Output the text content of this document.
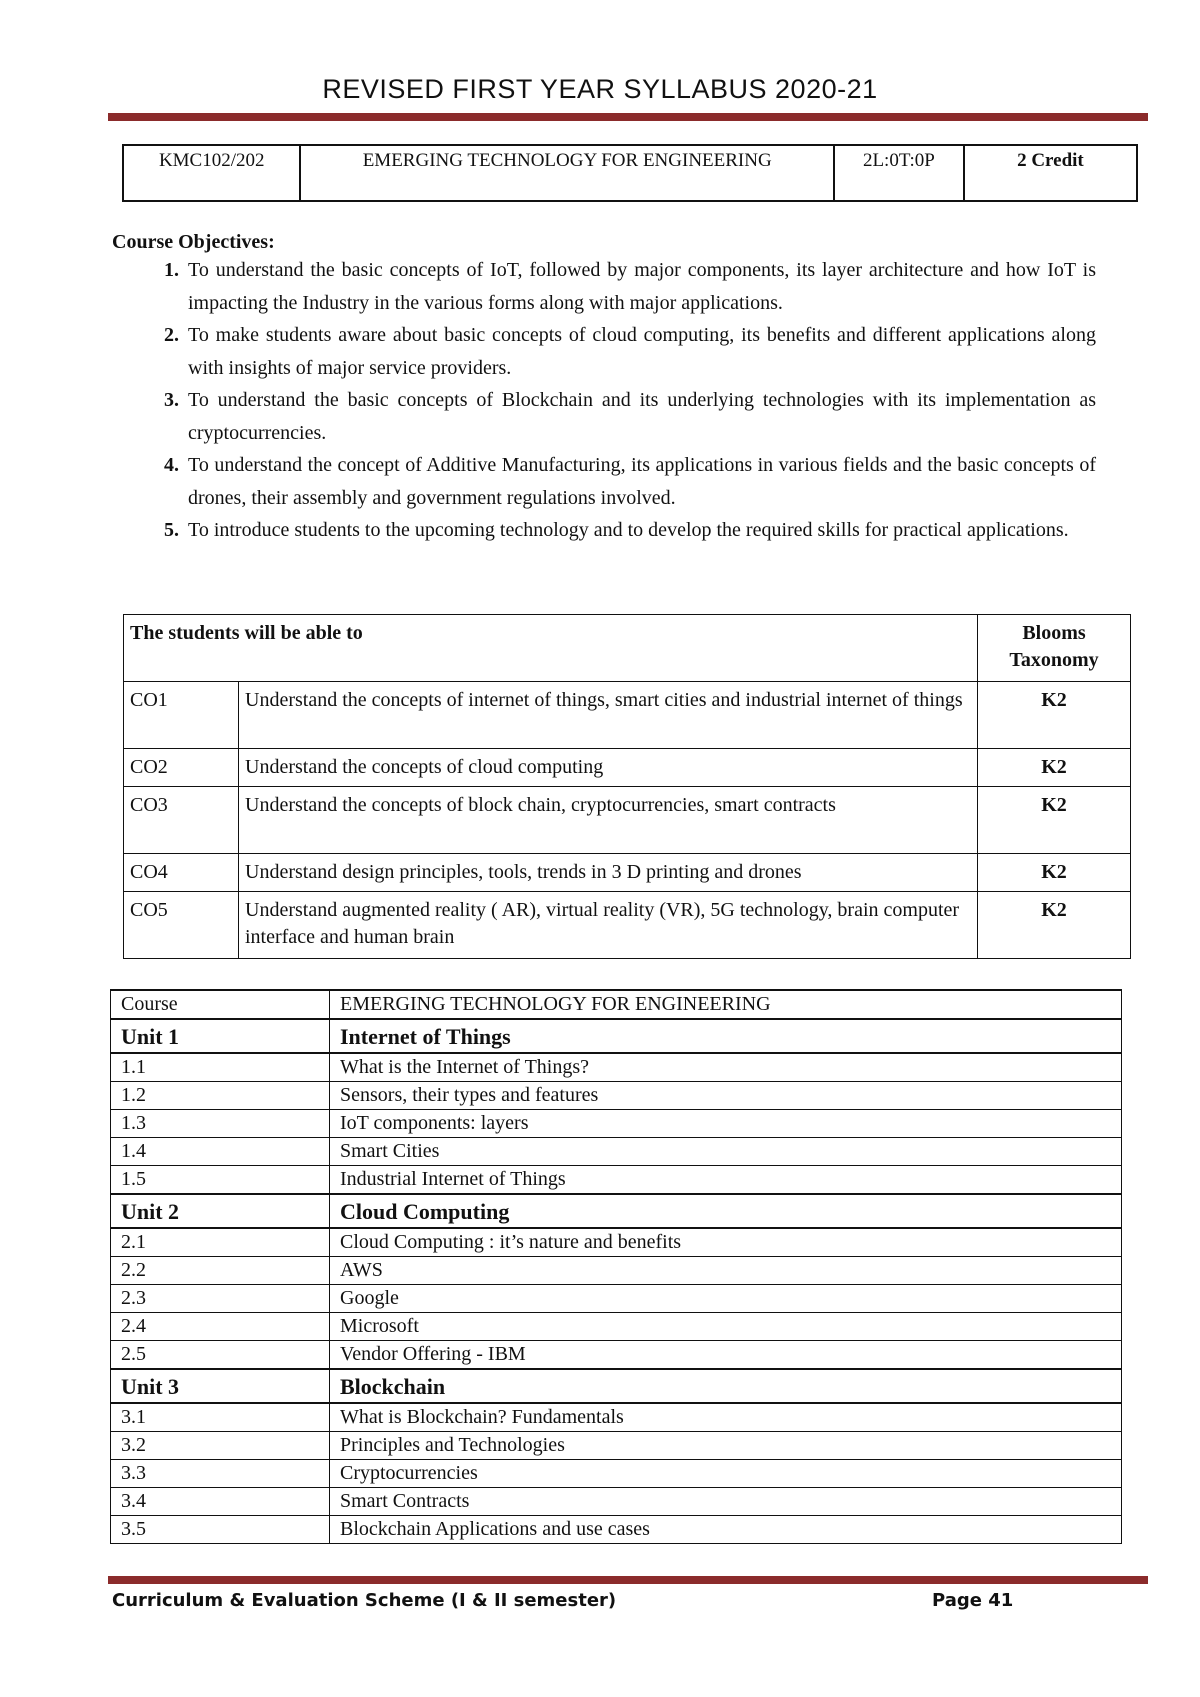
REVISED FIRST YEAR SYLLABUS 2020-21
KMC102/202	EMERGING TECHNOLOGY FOR ENGINEERING	2L:0T:0P	2 Credit
Course Objectives:
1. To understand the basic concepts of IoT, followed by major components, its layer architecture and how IoT is impacting the Industry in the various forms along with major applications.
2. To make students aware about basic concepts of cloud computing, its benefits and different applications along with insights of major service providers.
3. To understand the basic concepts of Blockchain and its underlying technologies with its implementation as cryptocurrencies.
4. To understand the concept of Additive Manufacturing, its applications in various fields and the basic concepts of drones, their assembly and government regulations involved.
5. To introduce students to the upcoming technology and to develop the required skills for practical applications.
The students will be able to		Blooms Taxonomy
CO1	Understand the concepts of internet of things, smart cities and industrial internet of things	K2
CO2	Understand the concepts of cloud computing	K2
CO3	Understand the concepts of block chain, cryptocurrencies, smart contracts	K2
CO4	Understand design principles, tools, trends in 3 D printing and drones	K2
CO5	Understand augmented reality ( AR), virtual reality (VR), 5G technology, brain computer interface and human brain	K2
Course	EMERGING TECHNOLOGY FOR ENGINEERING
Unit 1	Internet of Things
1.1	What is the Internet of Things?
1.2	Sensors, their types and features
1.3	IoT components: layers
1.4	Smart Cities
1.5	Industrial Internet of Things
Unit 2	Cloud Computing
2.1	Cloud Computing : it’s nature and benefits
2.2	AWS
2.3	Google
2.4	Microsoft
2.5	Vendor Offering - IBM
Unit 3	Blockchain
3.1	What is Blockchain? Fundamentals
3.2	Principles and Technologies
3.3	Cryptocurrencies
3.4	Smart Contracts
3.5	Blockchain Applications and use cases
Curriculum & Evaluation Scheme (I & II semester)	Page 41
